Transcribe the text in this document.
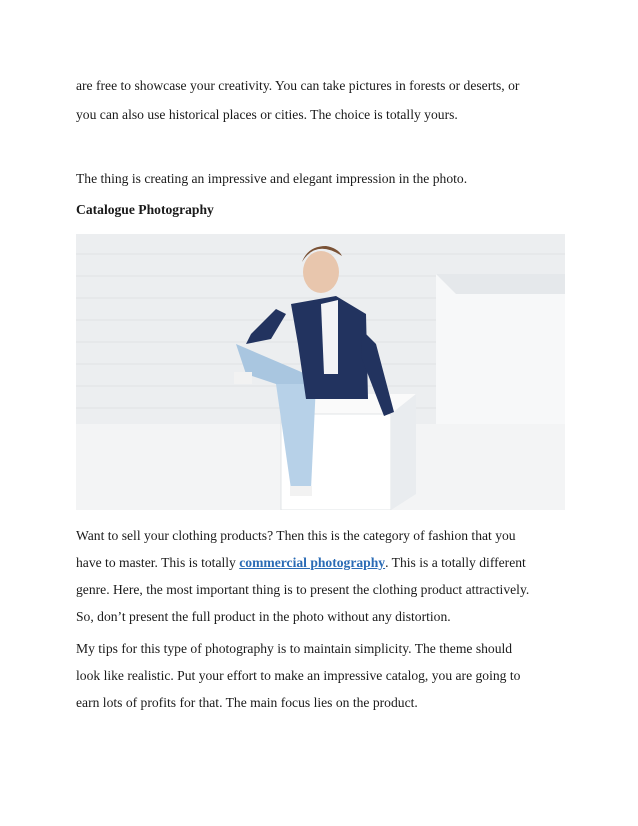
are free to showcase your creativity. You can take pictures in forests or deserts, or
you can also use historical places or cities. The choice is totally yours.
The thing is creating an impressive and elegant impression in the photo.
Catalogue Photography
Want to sell your clothing products? Then this is the category of fashion that you
have to master. This is totally commercial photography. This is a totally different
genre. Here, the most important thing is to present the clothing product attractively.
So, don’t present the full product in the photo without any distortion.
My tips for this type of photography is to maintain simplicity. The theme should
look like realistic. Put your effort to make an impressive catalog, you are going to
earn lots of profits for that. The main focus lies on the product.
